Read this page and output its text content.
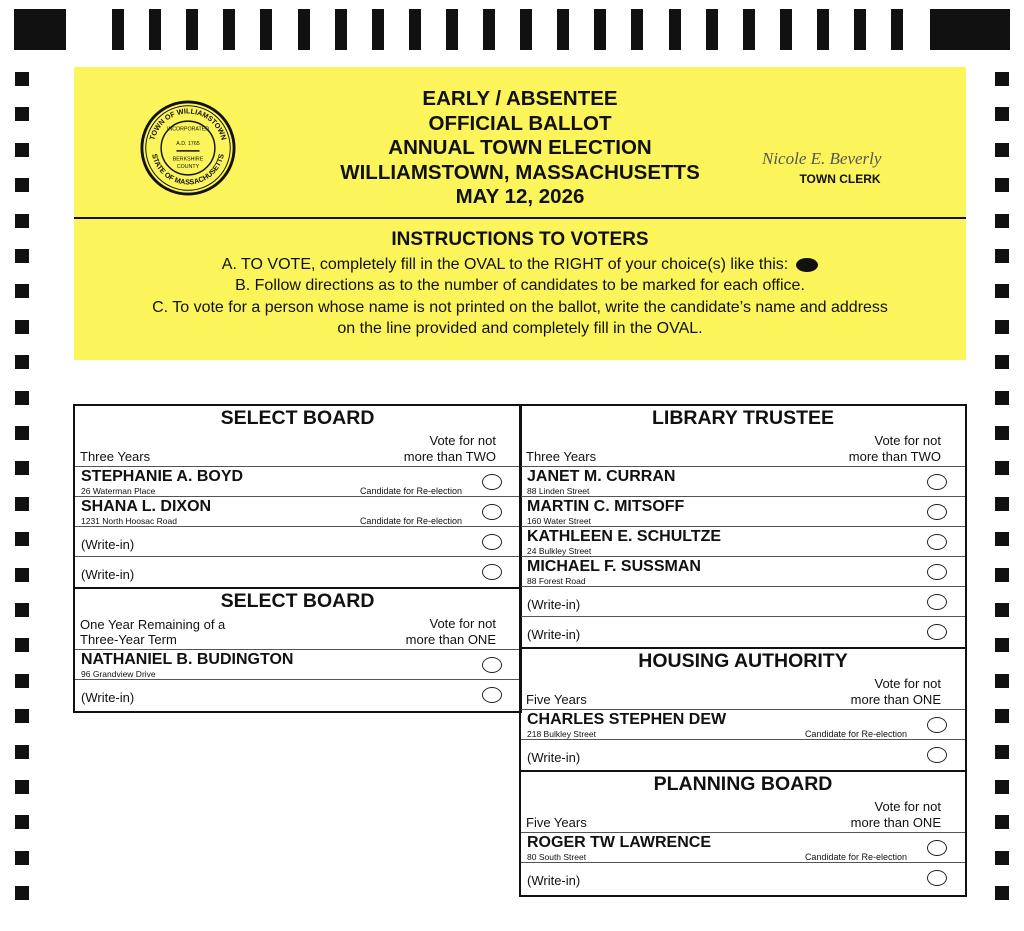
TOWN OF WILLIAMSTOWN
STATE OF MASSACHUSETTS
INCORPORATED
A.D. 1765
BERKSHIRE
COUNTY
EARLY / ABSENTEE
OFFICIAL BALLOT
ANNUAL TOWN ELECTION
WILLIAMSTOWN, MASSACHUSETTS
MAY 12, 2026
Nicole E. Beverly
TOWN CLERK
INSTRUCTIONS TO VOTERS
A. TO VOTE, completely fill in the OVAL to the RIGHT of your choice(s) like this:
B. Follow directions as to the number of candidates to be marked for each office.
C. To vote for a person whose name is not printed on the ballot, write the candidate’s name and address
on the line provided and completely fill in the OVAL.
SELECT BOARD
Three Years
Vote for not
more than TWO
STEPHANIE A. BOYD
26 Waterman Place	Candidate for Re-election
SHANA L. DIXON
1231 North Hoosac Road	Candidate for Re-election
(Write-in)
(Write-in)
SELECT BOARD
One Year Remaining of a
Three-Year Term
Vote for not
more than ONE
NATHANIEL B. BUDINGTON
96 Grandview Drive
(Write-in)
LIBRARY TRUSTEE
Three Years
Vote for not
more than TWO
JANET M. CURRAN
88 Linden Street
MARTIN C. MITSOFF
160 Water Street
KATHLEEN E. SCHULTZE
24 Bulkley Street
MICHAEL F. SUSSMAN
88 Forest Road
(Write-in)
(Write-in)
HOUSING AUTHORITY
Five Years
Vote for not
more than ONE
CHARLES STEPHEN DEW
218 Bulkley Street	Candidate for Re-election
(Write-in)
PLANNING BOARD
Five Years
Vote for not
more than ONE
ROGER TW LAWRENCE
80 South Street	Candidate for Re-election
(Write-in)
